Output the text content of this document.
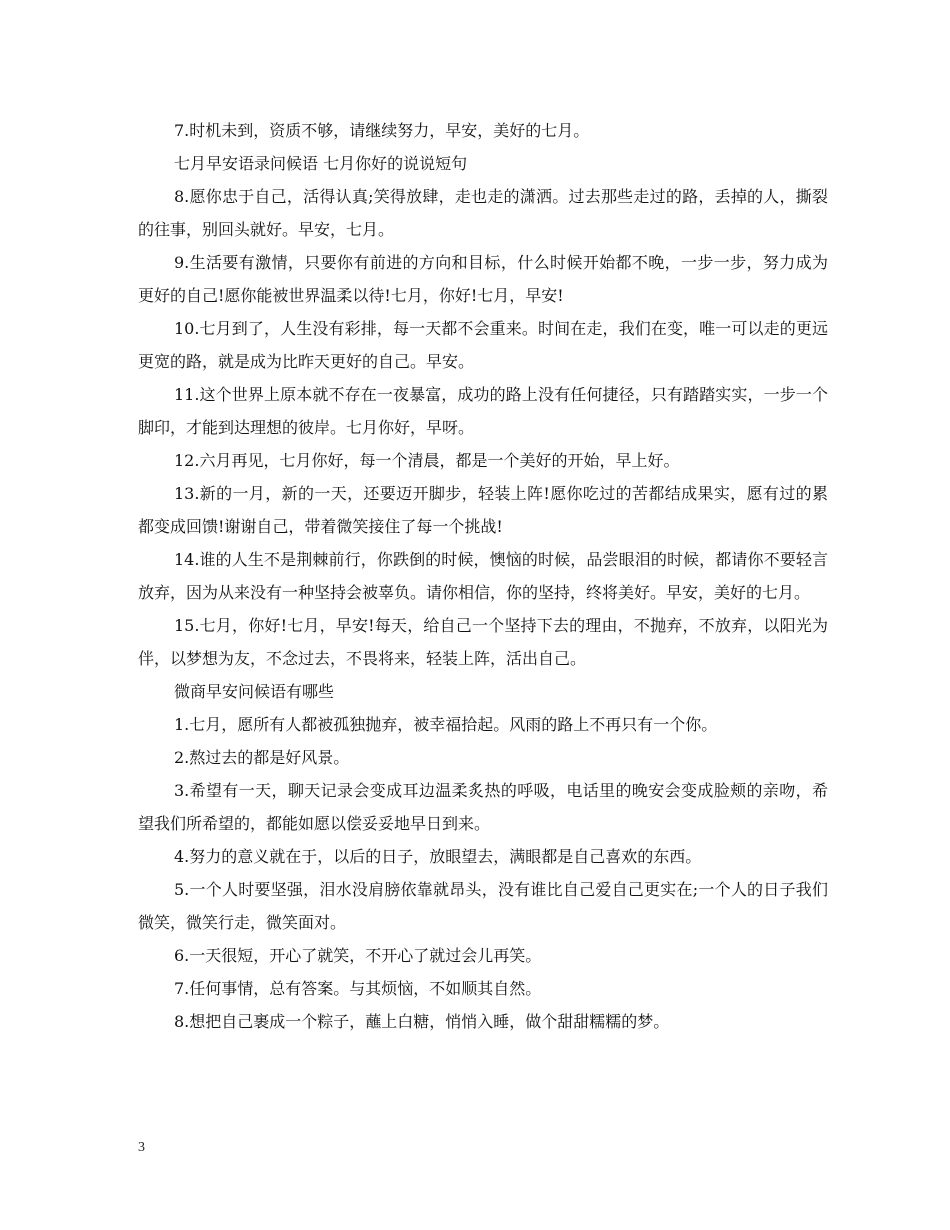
7.时机未到，资质不够，请继续努力，早安，美好的七月。

七月早安语录问候语 七月你好的说说短句

8.愿你忠于自己，活得认真;笑得放肆，走也走的潇洒。过去那些走过的路，丢掉的人，撕裂的往事，别回头就好。早安，七月。

9.生活要有激情，只要你有前进的方向和目标，什么时候开始都不晚，一步一步，努力成为更好的自己!愿你能被世界温柔以待!七月，你好!七月，早安!

10.七月到了，人生没有彩排，每一天都不会重来。时间在走，我们在变，唯一可以走的更远更宽的路，就是成为比昨天更好的自己。早安。

11.这个世界上原本就不存在一夜暴富，成功的路上没有任何捷径，只有踏踏实实，一步一个脚印，才能到达理想的彼岸。七月你好，早呀。

12.六月再见，七月你好，每一个清晨，都是一个美好的开始，早上好。

13.新的一月，新的一天，还要迈开脚步，轻装上阵!愿你吃过的苦都结成果实，愿有过的累都变成回馈!谢谢自己，带着微笑接住了每一个挑战!

14.谁的人生不是荆棘前行，你跌倒的时候，懊恼的时候，品尝眼泪的时候，都请你不要轻言放弃，因为从来没有一种坚持会被辜负。请你相信，你的坚持，终将美好。早安，美好的七月。

15.七月，你好!七月，早安!每天，给自己一个坚持下去的理由，不抛弃，不放弃，以阳光为伴，以梦想为友，不念过去，不畏将来，轻装上阵，活出自己。

微商早安问候语有哪些

1.七月，愿所有人都被孤独抛弃，被幸福拾起。风雨的路上不再只有一个你。

2.熬过去的都是好风景。

3.希望有一天，聊天记录会变成耳边温柔炙热的呼吸，电话里的晚安会变成脸颊的亲吻，希望我们所希望的，都能如愿以偿妥妥地早日到来。

4.努力的意义就在于，以后的日子，放眼望去，满眼都是自己喜欢的东西。

5.一个人时要坚强，泪水没肩膀依靠就昂头，没有谁比自己爱自己更实在;一个人的日子我们微笑，微笑行走，微笑面对。

6.一天很短，开心了就笑，不开心了就过会儿再笑。

7.任何事情，总有答案。与其烦恼，不如顺其自然。

8.想把自己裹成一个粽子，蘸上白糖，悄悄入睡，做个甜甜糯糯的梦。

3
